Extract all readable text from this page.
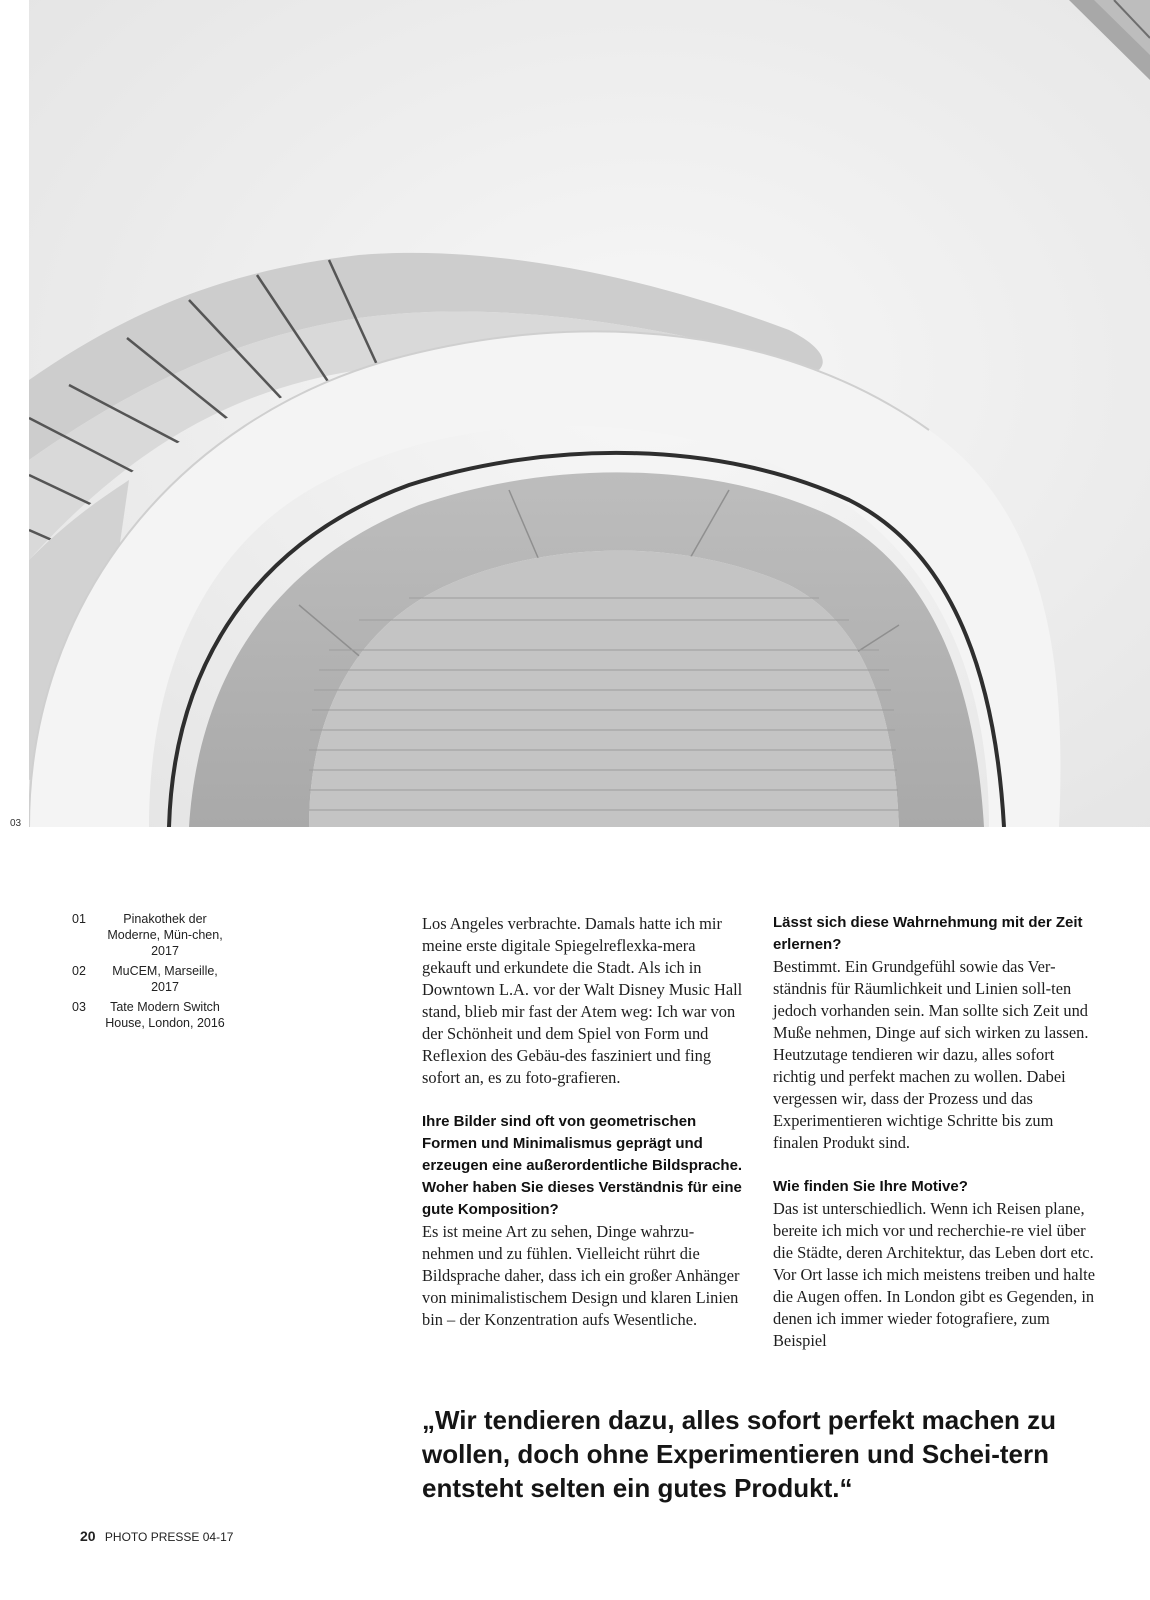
03
01	Pinakothek der Moderne, Mün-chen, 2017
02	MuCEM, Marseille, 2017
03	Tate Modern Switch House, London, 2016

Los Angeles verbrachte. Damals hatte ich mir meine erste digitale Spiegelreflexka-mera gekauft und erkundete die Stadt. Als ich in Downtown L.A. vor der Walt Disney Music Hall stand, blieb mir fast der Atem weg: Ich war von der Schönheit und dem Spiel von Form und Reflexion des Gebäu-des fasziniert und fing sofort an, es zu foto-grafieren.

Ihre Bilder sind oft von geometrischen Formen und Minimalismus geprägt und erzeugen eine außerordentliche Bildsprache. Woher haben Sie dieses Verständnis für eine gute Komposition?

Es ist meine Art zu sehen, Dinge wahrzu-nehmen und zu fühlen. Vielleicht rührt die Bildsprache daher, dass ich ein großer Anhänger von minimalistischem Design und klaren Linien bin – der Konzentration aufs Wesentliche.

Lässt sich diese Wahrnehmung mit der Zeit erlernen?

Bestimmt. Ein Grundgefühl sowie das Ver-ständnis für Räumlichkeit und Linien soll-ten jedoch vorhanden sein. Man sollte sich Zeit und Muße nehmen, Dinge auf sich wirken zu lassen. Heutzutage tendieren wir dazu, alles sofort richtig und perfekt machen zu wollen. Dabei vergessen wir, dass der Prozess und das Experimentieren wichtige Schritte bis zum finalen Produkt sind.

Wie finden Sie Ihre Motive?

Das ist unterschiedlich. Wenn ich Reisen plane, bereite ich mich vor und recherchie-re viel über die Städte, deren Architektur, das Leben dort etc. Vor Ort lasse ich mich meistens treiben und halte die Augen offen. In London gibt es Gegenden, in denen ich immer wieder fotografiere, zum Beispiel

„Wir tendieren dazu, alles sofort perfekt machen zu wollen, doch ohne Experimentieren und Schei-tern entsteht selten ein gutes Produkt.“

20 PHOTO PRESSE 04-17
